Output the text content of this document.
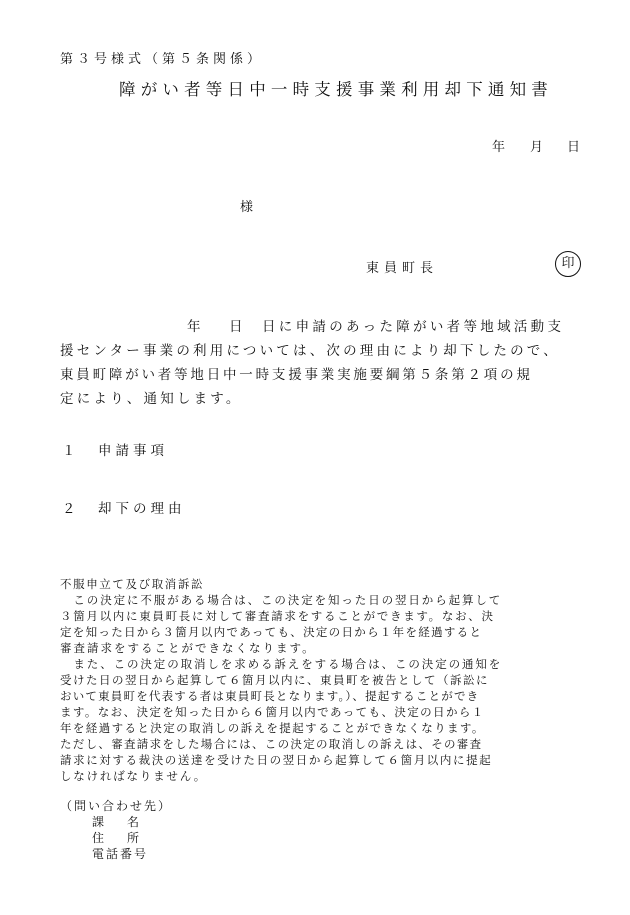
第３号様式（第５条関係）
障がい者等日中一時支援事業利用却下通知書
年 月 日
様
東員町長	印
年 日 日に申請のあった障がい者等地域活動支
援センター事業の利用については、次の理由により却下したので、
東員町障がい者等地日中一時支援事業実施要綱第５条第２項の規
定により、通知します。
１ 申請事項
２ 却下の理由
不服申立て及び取消訴訟
　この決定に不服がある場合は、この決定を知った日の翌日から起算して
３箇月以内に東員町長に対して審査請求をすることができます。なお、決
定を知った日から３箇月以内であっても、決定の日から１年を経過すると
審査請求をすることができなくなります。
　また、この決定の取消しを求める訴えをする場合は、この決定の通知を
受けた日の翌日から起算して６箇月以内に、東員町を被告として（訴訟に
おいて東員町を代表する者は東員町長となります。）、提起することができ
ます。なお、決定を知った日から６箇月以内であっても、決定の日から１
年を経過すると決定の取消しの訴えを提起することができなくなります。
ただし、審査請求をした場合には、この決定の取消しの訴えは、その審査
請求に対する裁決の送達を受けた日の翌日から起算して６箇月以内に提起
しなければなりません。
（問い合わせ先）
課名
住所
電話番号
